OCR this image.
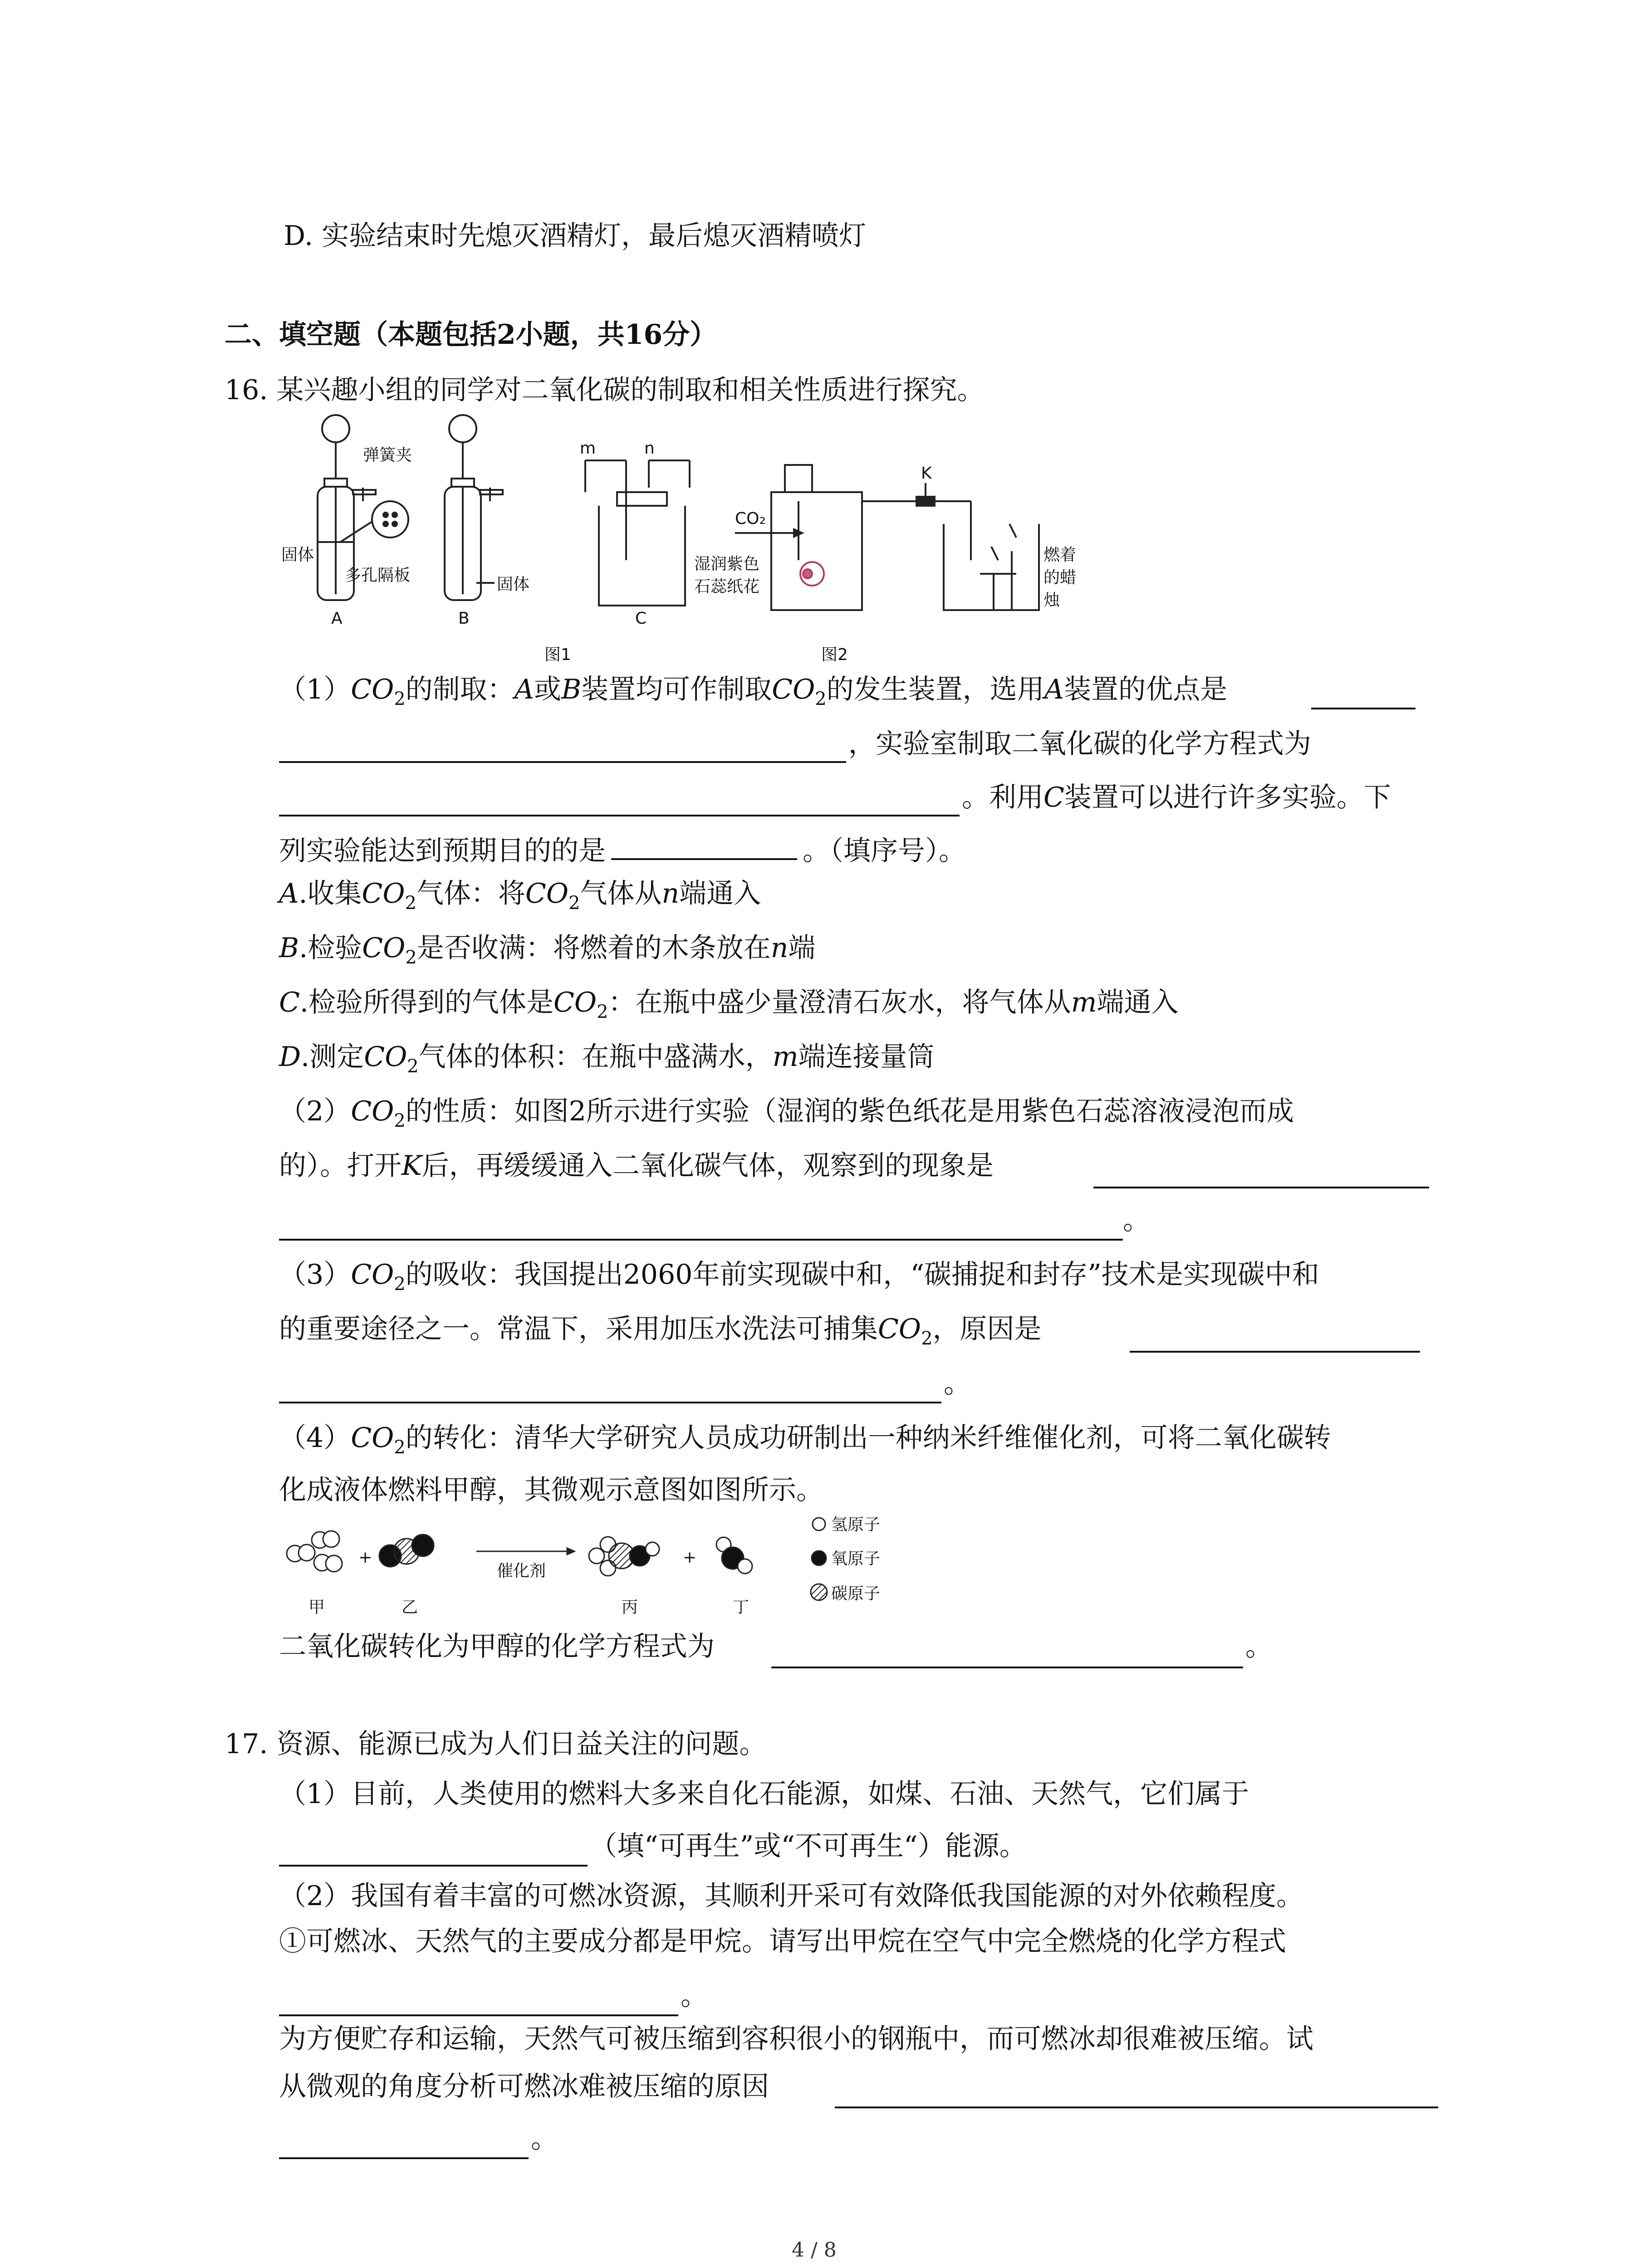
D. 实验结束时先熄灭酒精灯，最后熄灭酒精喷灯
二、填空题（本题包括2小题，共16分）
16. 某兴趣小组的同学对二氧化碳的制取和相关性质进行探究。
弹簧夹
固体
多孔隔板	固体
A	B	C
m	n
图1
CO₂
湿润紫色
石蕊纸花
K
燃着
的蜡
烛
图2
$(1)CO_2$的制取：A或B装置均可作制取$CO_2$的发生装置，选用A装置的优点是
，实验室制取二氧化碳的化学方程式为
。利用C装置可以进行许多实验。下
列实验能达到预期目的的是	。（填序号）。
A.收集$CO_2$气体：将$CO_2$气体从n端通入
B.检验$CO_2$是否收满：将燃着的木条放在n端
C.检验所得到的气体是$CO_2$：在瓶中盛少量澄清石灰水，将气体从m端通入
D.测定$CO_2$气体的体积：在瓶中盛满水，m端连接量筒
$(2)CO_2$的性质：如图2所示进行实验（湿润的紫色纸花是用紫色石蕊溶液浸泡而成
的）。打开K后，再缓缓通入二氧化碳气体，观察到的现象是
。
$(3)CO_2$的吸收：我国提出2060年前实现碳中和，“碳捕捉和封存”技术是实现碳中和
的重要途径之一。常温下，采用加压水洗法可捕集$CO_2$，原因是
。
$(4)CO_2$的转化：清华大学研究人员成功研制出一种纳米纤维催化剂，可将二氧化碳转
化成液体燃料甲醇，其微观示意图如图所示。
+	+
催化剂
甲	乙	丙	丁
氢原子
氧原子
碳原子
二氧化碳转化为甲醇的化学方程式为	。
17. 资源、能源已成为人们日益关注的问题。
（1）目前，人类使用的燃料大多来自化石能源，如煤、石油、天然气，它们属于
（填“可再生”或“不可再生“）能源。
（2）我国有着丰富的可燃冰资源，其顺利开采可有效降低我国能源的对外依赖程度。
①可燃冰、天然气的主要成分都是甲烷。请写出甲烷在空气中完全燃烧的化学方程式
。
为方便贮存和运输，天然气可被压缩到容积很小的钢瓶中，而可燃冰却很难被压缩。试
从微观的角度分析可燃冰难被压缩的原因
。
4 / 8
